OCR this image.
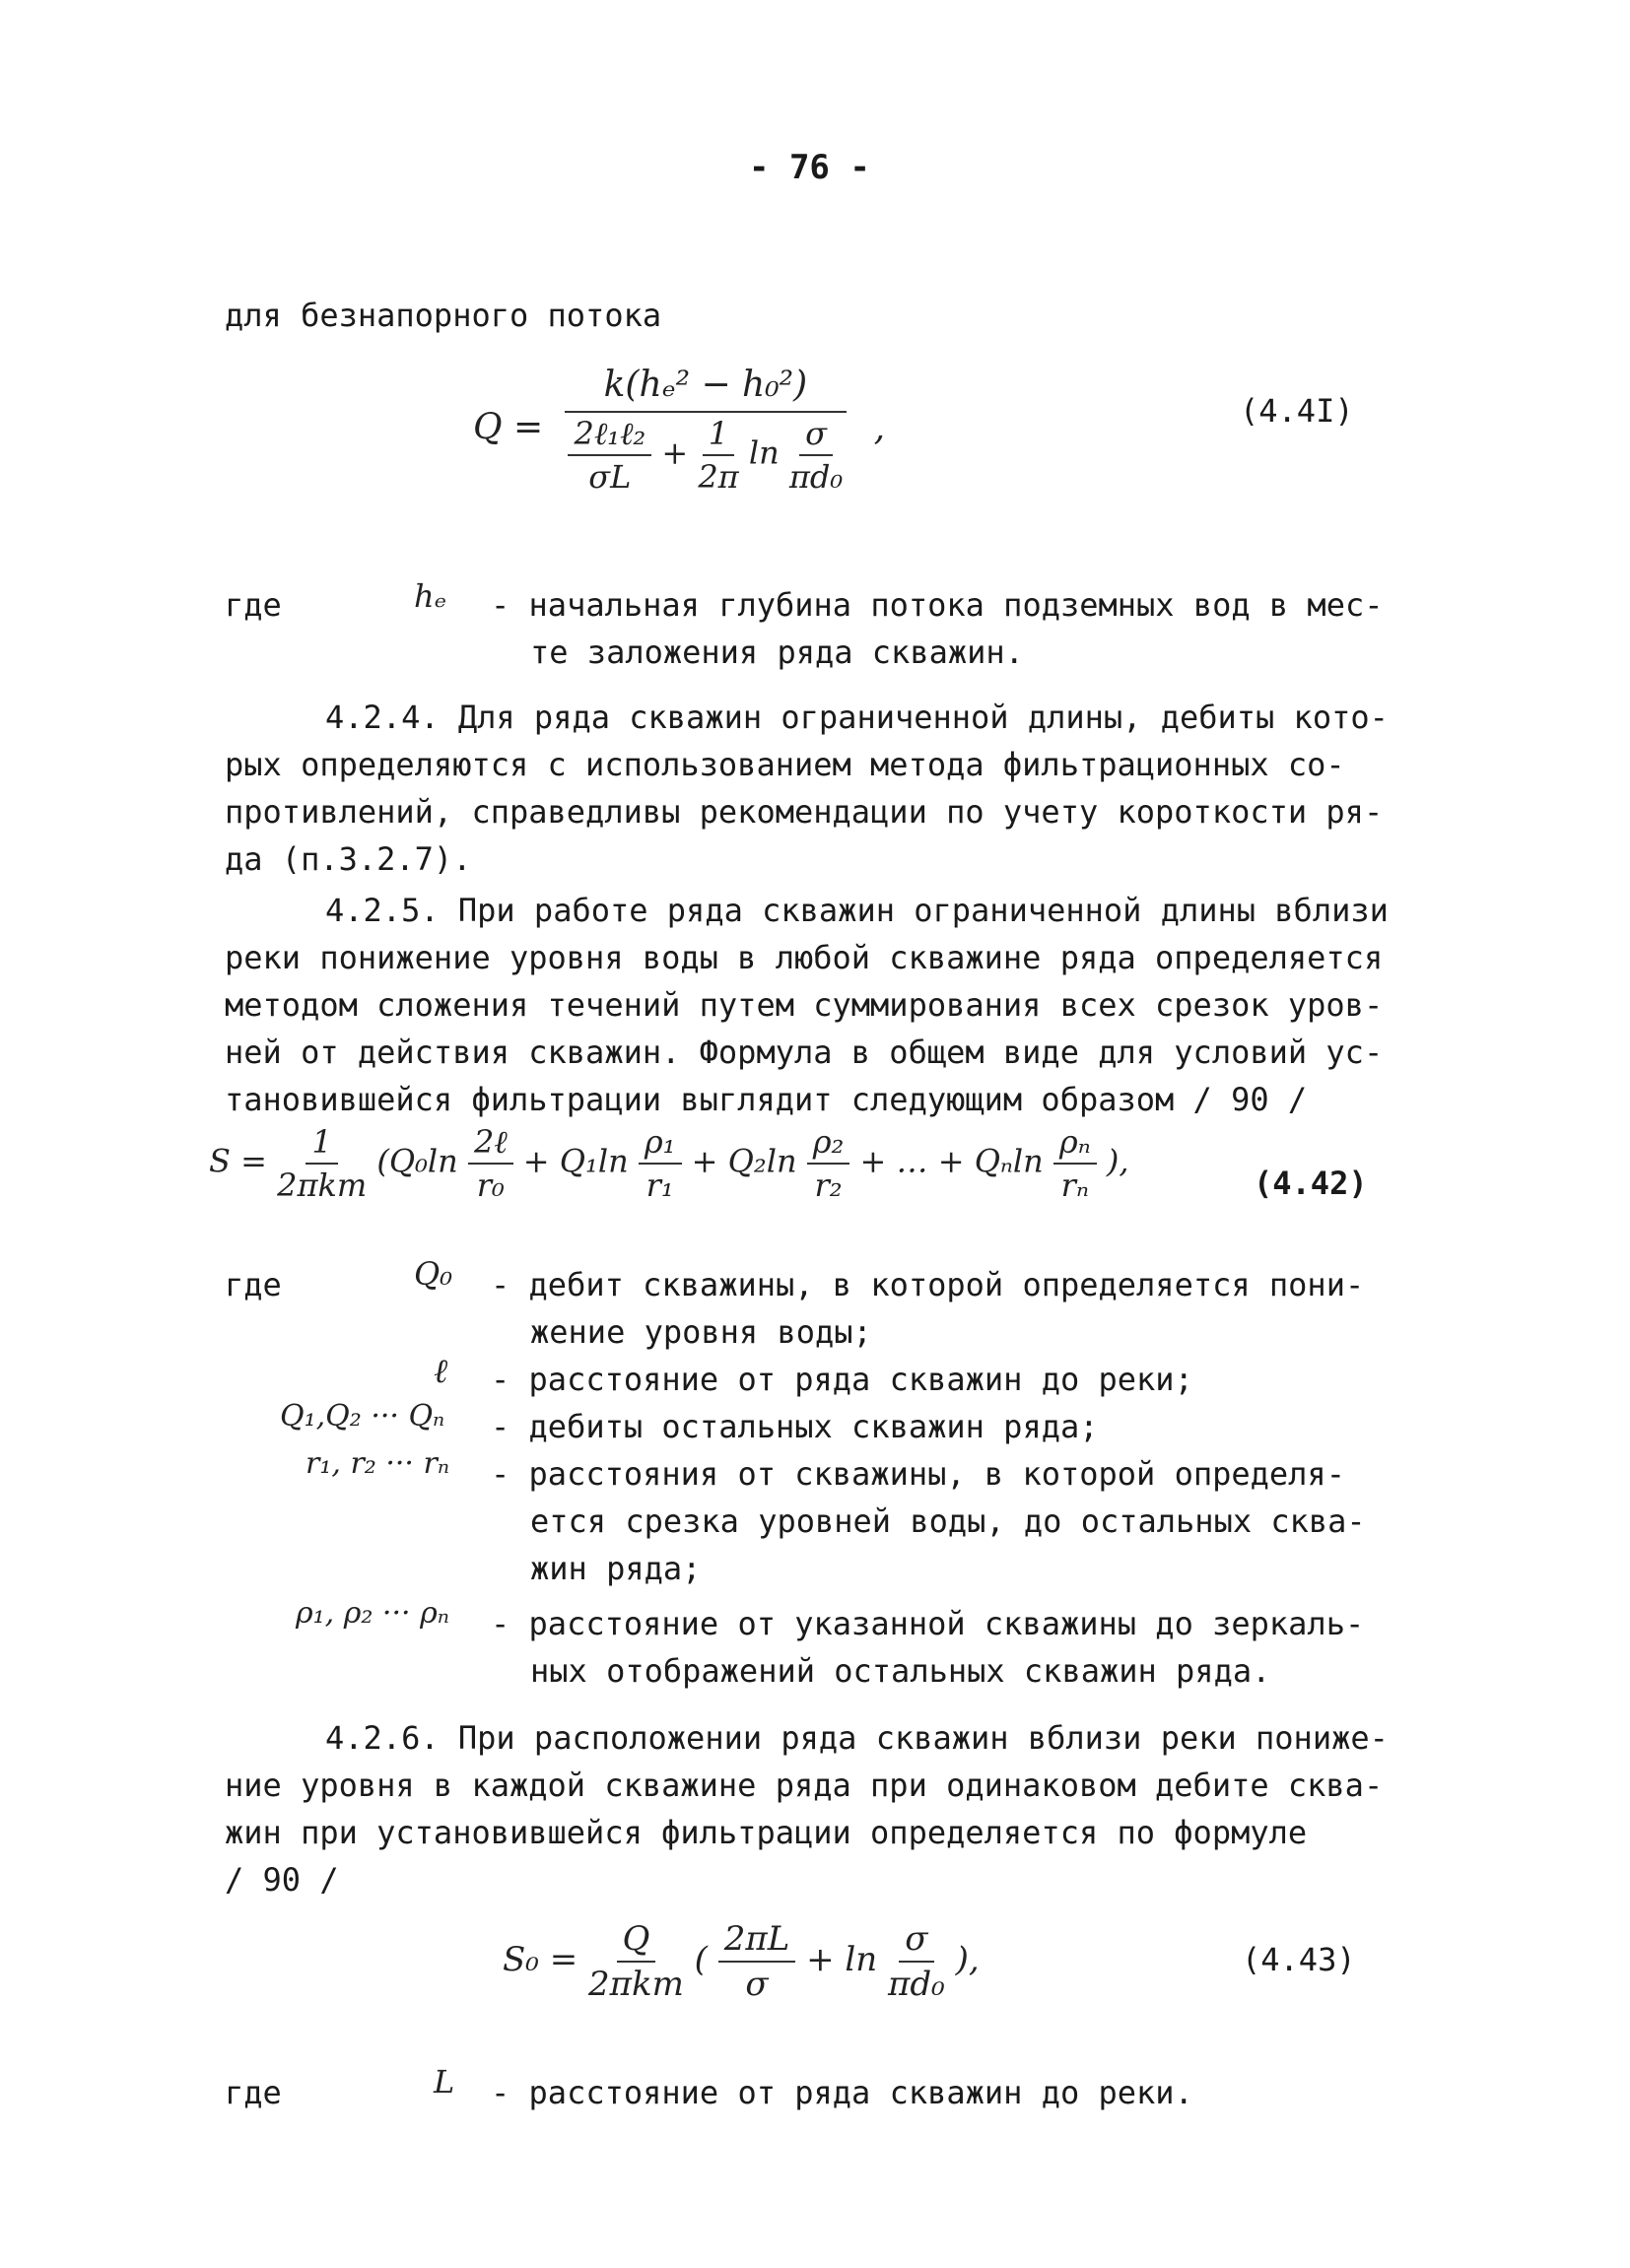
- 76 -
для безнапорного потока
Q =
k(hₑ² − h₀²)
$\frac{\text{2ℓ₁ℓ₂}}{\sigma L} + \frac{1}{2\pi}$ $\ln \frac{\sigma}{\text{πd₀}}$ ,	(4.4I)
где	hₑ - начальная глубина потока подземных вод в мес-
те заложения ряда скважин.
4.2.4. Для ряда скважин ограниченной длины, дебиты кото-
рых определяются с использованием метода фильтрационных со-
противлений, справедливы рекомендации по учету короткости ря-
да (п.3.2.7).
4.2.5. При работе ряда скважин ограниченной длины вблизи
реки понижение уровня воды в любой скважине ряда определяется
методом сложения течений путем суммирования всех срезок уров-
ней от действия скважин. Формула в общем виде для условий ус-
тановившейся фильтрации выглядит следующим образом / 90 /
$S = \frac{1}{\text{2πkm}} (Q_0\ln \frac{\text{2ℓ}}{\text{r₀}} + Q_1\ln \frac{\text{ρ₁}}{\text{r₁}} + Q_2\ln \frac{\text{ρ₂}}{\text{r₂}}$ + … + Qₙln $\frac{\text{ρₙ}}{\text{rₙ}}$ ),
(4.42)
где	Q₀ - дебит скважины, в которой определяется пони-
жение уровня воды;
ℓ - расстояние от ряда скважин до реки;
Q₁,Q₂ ··· Qₙ - дебиты остальных скважин ряда;
r₁, r₂ ··· rₙ - расстояния от скважины, в которой определя-
ется срезка уровней воды, до остальных сква-
жин ряда;
ρ₁, ρ₂ ··· ρₙ - расстояние от указанной скважины до зеркаль-
ных отображений остальных скважин ряда.
4.2.6. При расположении ряда скважин вблизи реки пониже-
ние уровня в каждой скважине ряда при одинаковом дебите сква-
жин при установившейся фильтрации определяется по формуле
/ 90 /
$S_0 = \frac{Q}{\text{2πkm}}$ ( $\frac{2\pi L}{\sigma} + \ln \frac{\sigma}{\text{πd₀}}$ ),	(4.43)
где	L - расстояние от ряда скважин до реки.
